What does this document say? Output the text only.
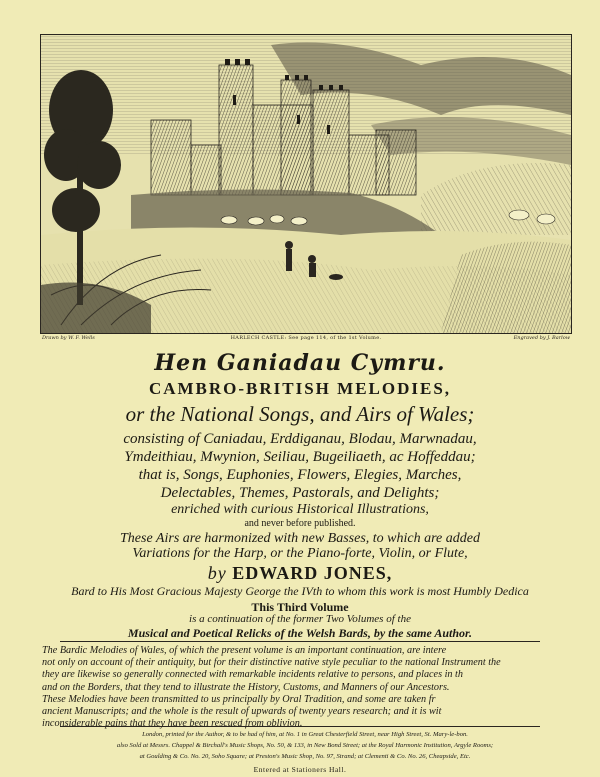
Drawn by W. F. Wells	HARLECH CASTLE: See page 114, of the 1st Volume.	Engraved by J. Barlow
Hen Ganiadau Cymru.
CAMBRO-BRITISH MELODIES,
or the National Songs, and Airs of Wales;
consisting of Caniadau, Erddiganau, Blodau, Marwnadau,
Ymdeithiau, Mwynion, Seiliau, Bugeiliaeth, ac Hoffeddau;
that is, Songs, Euphonies, Flowers, Elegies, Marches,
Delectables, Themes, Pastorals, and Delights;
enriched with curious Historical Illustrations,
and never before published.
These Airs are harmonized with new Basses, to which are added
Variations for the Harp, or the Piano-forte, Violin, or Flute,
by EDWARD JONES,
Bard to His Most Gracious Majesty George the IVth to whom this work is most Humbly Dedica
This Third Volume
is a continuation of the former Two Volumes of the
Musical and Poetical Relicks of the Welsh Bards, by the same Author.
The Bardic Melodies of Wales, of which the present volume is an important continuation, are intere
not only on account of their antiquity, but for their distinctive native style peculiar to the national Instrument the
they are likewise so generally connected with remarkable incidents relative to persons, and places in th
and on the Borders, that they tend to illustrate the History, Customs, and Manners of our Ancestors.
These Melodies have been transmitted to us principally by Oral Tradition, and some are taken fr
ancient Manuscripts; and the whole is the result of upwards of twenty years research; and it is wit
inconsiderable pains that they have been rescued from oblivion.
London, printed for the Author, & to be had of him, at No. 1 in Great Chesterfield Street, near High Street, St. Mary-le-bon.
also Sold at Messrs. Chappel & Birchall's Music Shops, No. 50, & 133, in New Bond Street; at the Royal Harmonic Institution, Argyle Rooms;
at Goulding & Co. No. 20, Soho Square; at Preston's Music Shop, No. 97, Strand; at Clementi & Co. No. 26, Cheapside, Etc.
Entered at Stationers Hall.
